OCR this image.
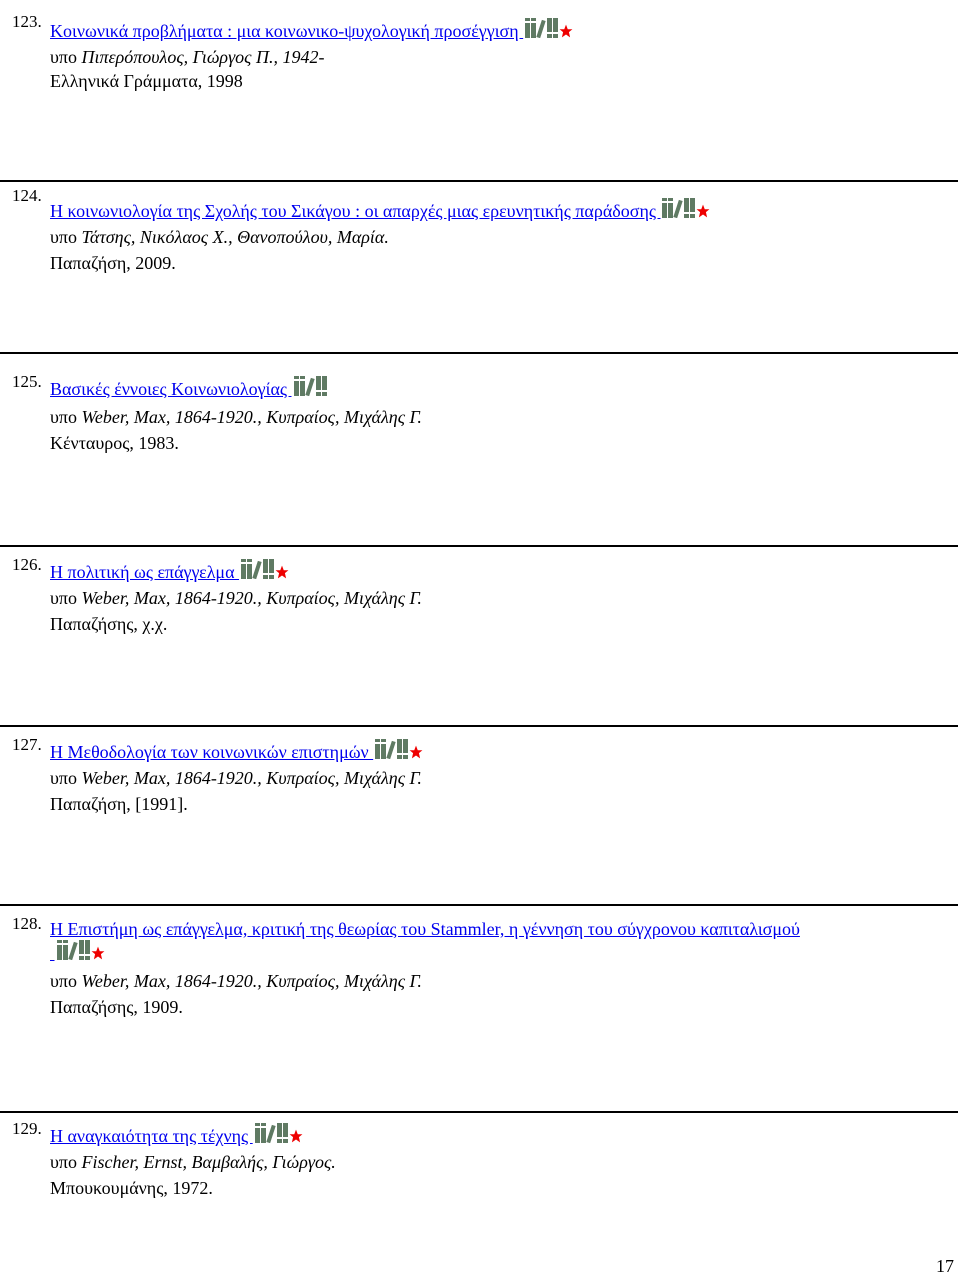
123. Κοινωνικά προβλήματα : μια κοινωνικο-ψυχολογική προσέγγιση
υπο Πιπερόπουλος, Γιώργος Π., 1942-
Ελληνικά Γράμματα, 1998
124.
Η κοινωνιολογία της Σχολής του Σικάγου : οι απαρχές μιας ερευνητικής παράδοσης
υπο Τάτσης, Νικόλαος Χ., Θανοπούλου, Μαρία.
Παπαζήση, 2009.
125. Βασικές έννοιες Κοινωνιολογίας
υπο Weber, Max, 1864-1920., Κυπραίος, Μιχάλης Γ.
Κένταυρος, 1983.
126. Η πολιτική ως επάγγελμα
υπο Weber, Max, 1864-1920., Κυπραίος, Μιχάλης Γ.
Παπαζήσης, χ.χ.
127. Η Μεθοδολογία των κοινωνικών επιστημών
υπο Weber, Max, 1864-1920., Κυπραίος, Μιχάλης Γ.
Παπαζήση, [1991].
128. Η Επιστήμη ως επάγγελμα, κριτική της θεωρίας του Stammler, η γέννηση του σύγχρονου καπιταλισμού

υπο Weber, Max, 1864-1920., Κυπραίος, Μιχάλης Γ.
Παπαζήσης, 1909.
129. Η αναγκαιότητα της τέχνης
υπο Fischer, Ernst, Βαμβαλής, Γιώργος.
Μπουκουμάνης, 1972.
17
